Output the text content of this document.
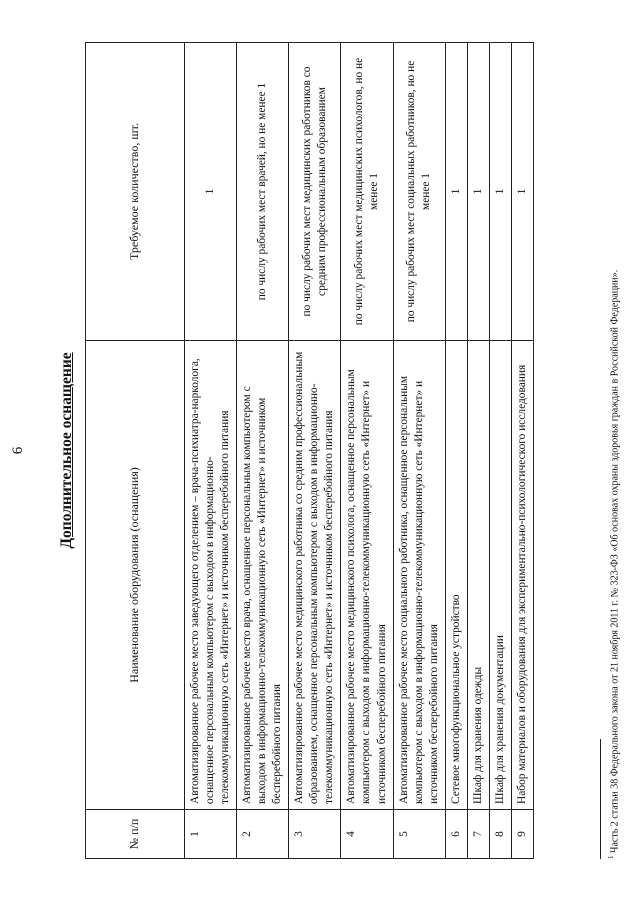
6 Дополнительное оснащение
№ п/п	Наименование оборудования (оснащения)	Требуемое количество, шт.
1	Автоматизированное рабочее место заведующего отделением – врача-психиатра-нарколога, оснащенное персональным компьютером с выходом в информационно-телекоммуникационную сеть «Интернет» и источником бесперебойного питания	1
2	Автоматизированное рабочее место врача, оснащенное персональным компьютером с выходом в информационно-телекоммуникационную сеть «Интернет» и источником бесперебойного питания	по числу рабочих мест врачей, но не менее 1
3	Автоматизированное рабочее место медицинского работника со средним профессиональным образованием, оснащенное персональным компьютером с выходом в информационно-телекоммуникационную сеть «Интернет» и источником бесперебойного питания	по числу рабочих мест медицинских работников со средним профессиональным образованием
4	Автоматизированное рабочее место медицинского психолога, оснащенное персональным компьютером с выходом в информационно-телекоммуникационную сеть «Интернет» и источником бесперебойного питания	по числу рабочих мест медицинских психологов, но не менее 1
5	Автоматизированное рабочее место социального работника, оснащенное персональным компьютером с выходом в информационно-телекоммуникационную сеть «Интернет» и источником бесперебойного питания	по числу рабочих мест социальных работников, но не менее 1
6	Сетевое многофункциональное устройство	1
7	Шкаф для хранения одежды	1
8	Шкаф для хранения документации	1
9	Набор материалов и оборудования для экспериментально-психологического исследования	1
$^1$ Часть 2 статьи 38 Федерального закона от 21 ноября 2011 г. № 323-ФЗ «Об основах охраны здоровья граждан в Российской Федерации».
